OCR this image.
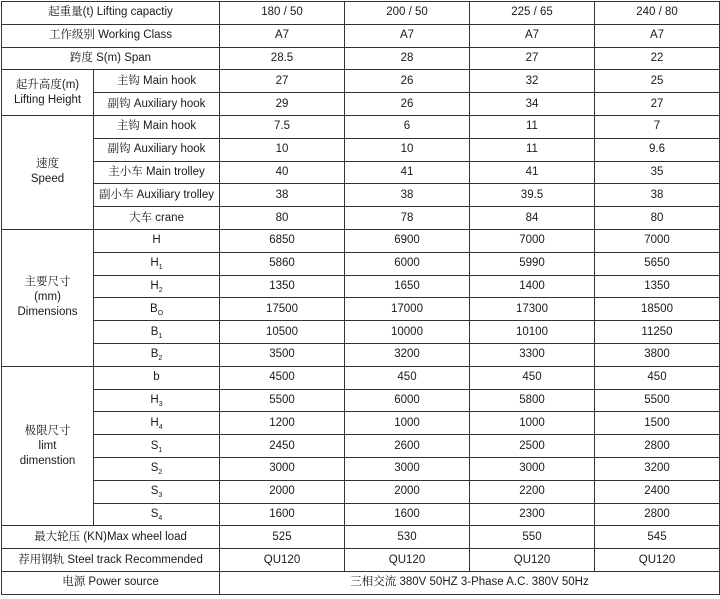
起重量(t) Lifting capactiy		180 / 50	200 / 50	225 / 65	240 / 80
工作级别 Working Class		A7	A7	A7	A7
跨度 S(m) Span		28.5	28	27	22
起升高度(m)
Lifting Height	主钩 Main hook	27	26	32	25
	副钩 Auxiliary hook	29	26	34	27
速度
Speed	主钩 Main hook	7.5	6	11	7
	副钩 Auxiliary hook	10	10	11	9.6
	主小车 Main trolley	40	41	41	35
	副小车 Auxiliary trolley	38	38	39.5	38
	大车 crane	80	78	84	80
主要尺寸
(mm)
Dimensions	H	6850	6900	7000	7000
	$H_1$	5860	6000	5990	5650
	$H_2$	1350	1650	1400	1350
	$B_O$	17500	17000	17300	18500
	$B_1$	10500	10000	10100	11250
	$B_2$	3500	3200	3300	3800
极限尺寸
limt
dimenstion	b	4500	450	450	450
	$H_3$	5500	6000	5800	5500
	$H_4$	1200	1000	1000	1500
	$S_1$	2450	2600	2500	2800
	$S_2$	3000	3000	3000	3200
	$S_3$	2000	2000	2200	2400
	$S_4$	1600	1600	2300	2800
最大轮压 (KN)Max wheel load		525	530	550	545
荐用钢轨 Steel track Recommended		QU120	QU120	QU120	QU120
电源 Power source		三相交流 380V 50HZ 3-Phase A.C. 380V 50Hz			
